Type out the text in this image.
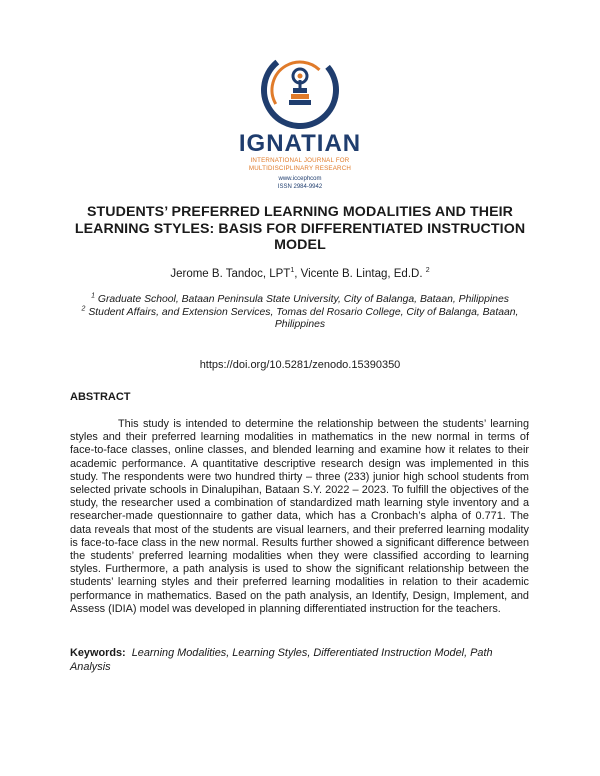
IGNATIAN
INTERNATIONAL JOURNAL FOR
MULTIDISCIPLINARY RESEARCH
www.iccephcom
ISSN 2984-9942
STUDENTS’ PREFERRED LEARNING MODALITIES AND THEIR LEARNING STYLES: BASIS FOR DIFFERENTIATED INSTRUCTION MODEL
Jerome B. Tandoc, LPT$^1$, Vicente B. Lintag, Ed.D. $^2$
$^1$ Graduate School, Bataan Peninsula State University, City of Balanga, Bataan, Philippines
$^2$ Student Affairs, and Extension Services, Tomas del Rosario College, City of Balanga, Bataan, Philippines
https://doi.org/10.5281/zenodo.15390350
ABSTRACT
This study is intended to determine the relationship between the students’ learning styles and their preferred learning modalities in mathematics in the new normal in terms of face-to-face classes, online classes, and blended learning and examine how it relates to their academic performance. A quantitative descriptive research design was implemented in this study. The respondents were two hundred thirty – three (233) junior high school students from selected private schools in Dinalupihan, Bataan S.Y. 2022 – 2023. To fulfill the objectives of the study, the researcher used a combination of standardized math learning style inventory and a researcher-made questionnaire to gather data, which has a Cronbach’s alpha of 0.771. The data reveals that most of the students are visual learners, and their preferred learning modality is face-to-face class in the new normal. Results further showed a significant difference between the students’ preferred learning modalities when they were classified according to learning styles. Furthermore, a path analysis is used to show the significant relationship between the students’ learning styles and their preferred learning modalities in relation to their academic performance in mathematics. Based on the path analysis, an Identify, Design, Implement, and Assess (IDIA) model was developed in planning differentiated instruction for the teachers.
Keywords: Learning Modalities, Learning Styles, Differentiated Instruction Model, Path Analysis
